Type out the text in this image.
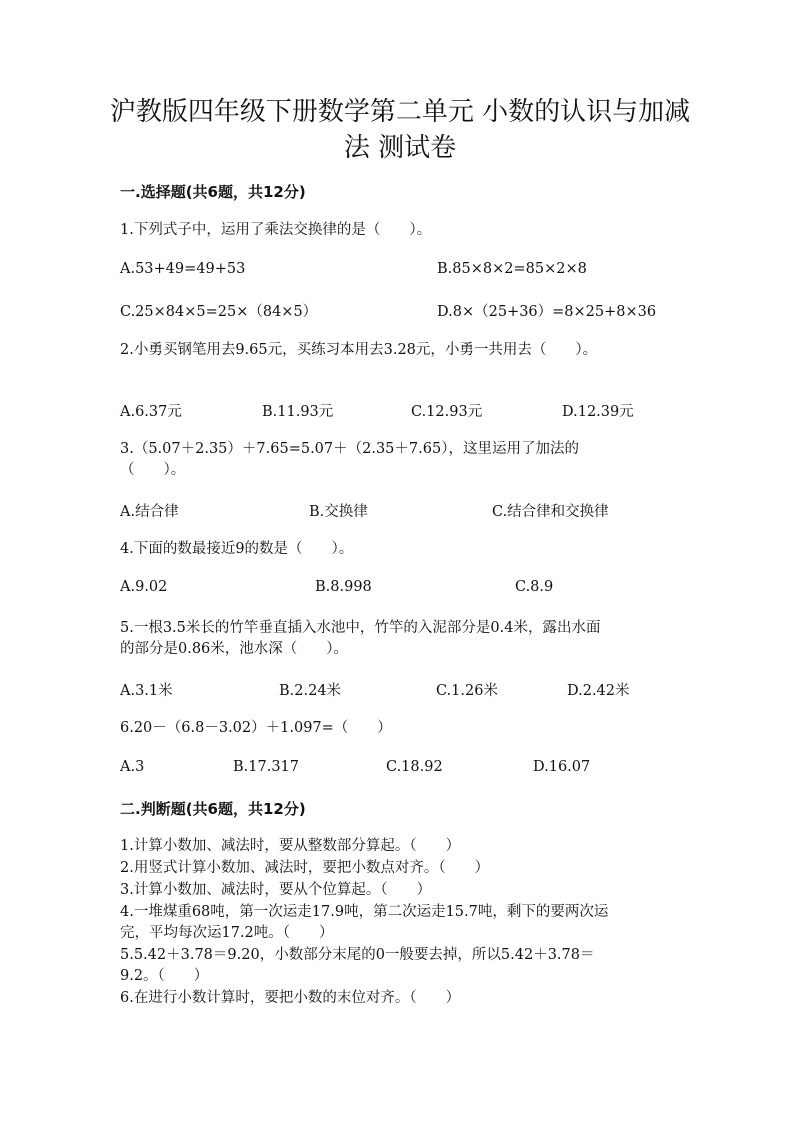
沪教版四年级下册数学第二单元 小数的认识与加减
法 测试卷
一.选择题(共6题，共12分)
1.下列式子中，运用了乘法交换律的是（　　）。
A.53+49=49+53	B.85×8×2=85×2×8
C.25×84×5=25×（84×5）	D.8×（25+36）=8×25+8×36
2.小勇买钢笔用去9.65元，买练习本用去3.28元，小勇一共用去（　　）。
A.6.37元	B.11.93元	C.12.93元	D.12.39元
3.（5.07＋2.35）＋7.65=5.07＋（2.35＋7.65），这里运用了加法的
（　　）。
A.结合律	B.交换律	C.结合律和交换律
4.下面的数最接近9的数是（　　）。
A.9.02	B.8.998	C.8.9
5.一根3.5米长的竹竿垂直插入水池中，竹竿的入泥部分是0.4米，露出水面
的部分是0.86米，池水深（　　）。
A.3.1米	B.2.24米	C.1.26米	D.2.42米
6.20－（6.8－3.02）＋1.097=（　　）
A.3	B.17.317	C.18.92	D.16.07
二.判断题(共6题，共12分)
1.计算小数加、减法时，要从整数部分算起。（　　）
2.用竖式计算小数加、减法时，要把小数点对齐。（　　）
3.计算小数加、减法时，要从个位算起。（　　）
4.一堆煤重68吨，第一次运走17.9吨，第二次运走15.7吨，剩下的要两次运
完，平均每次运17.2吨。（　　）
5.5.42＋3.78＝9.20，小数部分末尾的0一般要去掉，所以5.42＋3.78＝
9.2。（　　）
6.在进行小数计算时，要把小数的末位对齐。（　　）
